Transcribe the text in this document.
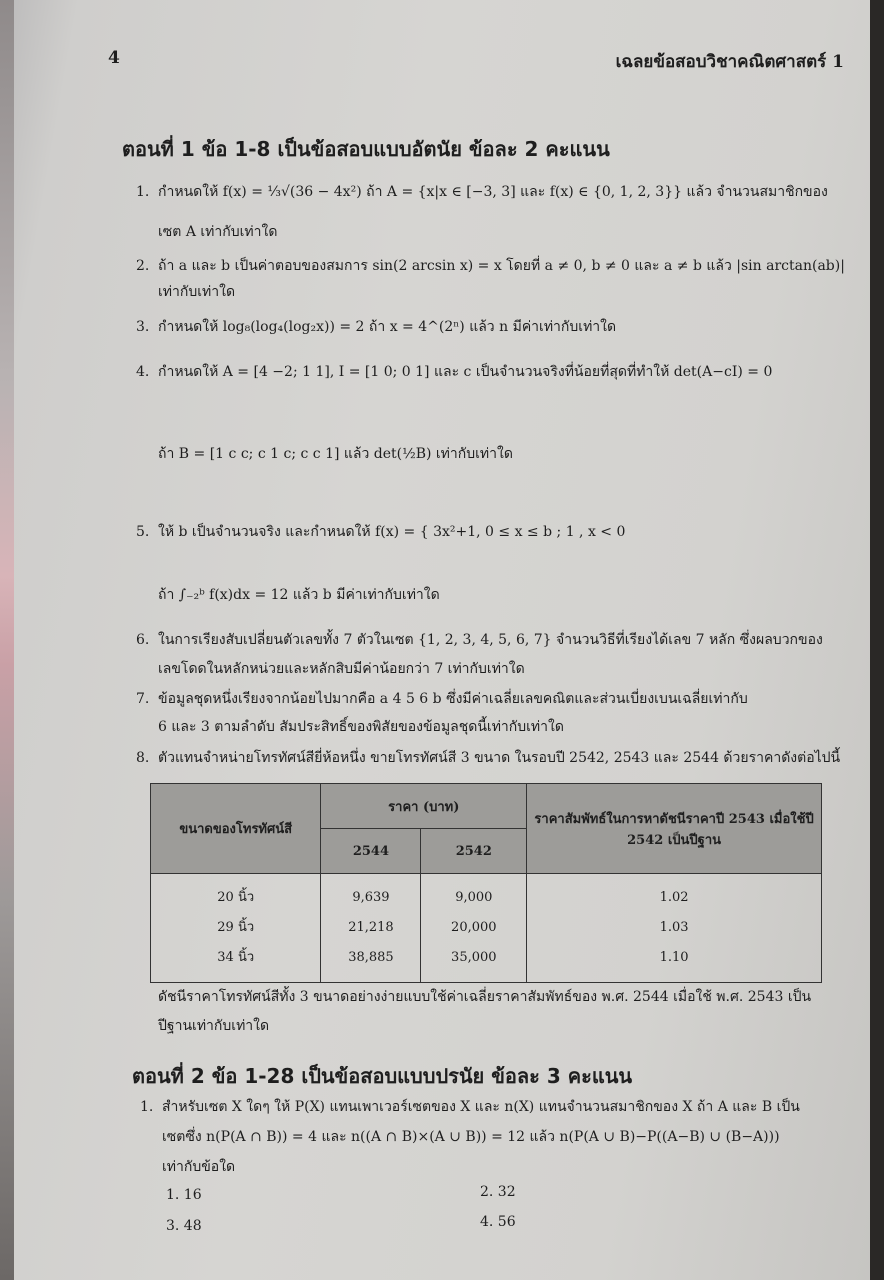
4	เฉลยข้อสอบวิชาคณิตศาสตร์ 1
ตอนที่ 1 ข้อ 1-8 เป็นข้อสอบแบบอัตนัย ข้อละ 2 คะแนน
1. กำหนดให้ f(x) = ⅓√(36 − 4x²) ถ้า A = {x|x ∈ [−3, 3] และ f(x) ∈ {0, 1, 2, 3}} แล้ว จำนวนสมาชิกของ
เซต A เท่ากับเท่าใด
2. ถ้า a และ b เป็นค่าตอบของสมการ sin(2 arcsin x) = x โดยที่ a ≠ 0, b ≠ 0 และ a ≠ b แล้ว |sin arctan(ab)|
เท่ากับเท่าใด
3. กำหนดให้ log₈(log₄(log₂x)) = 2 ถ้า x = 4^(2ⁿ) แล้ว n มีค่าเท่ากับเท่าใด
4. กำหนดให้ A = [4 −2; 1 1], I = [1 0; 0 1] และ c เป็นจำนวนจริงที่น้อยที่สุดที่ทำให้ det(A−cI) = 0
ถ้า B = [1 c c; c 1 c; c c 1] แล้ว det(½B) เท่ากับเท่าใด
5. ให้ b เป็นจำนวนจริง และกำหนดให้ f(x) = { 3x²+1, 0 ≤ x ≤ b ; 1 , x < 0
ถ้า ∫₋₂ᵇ f(x)dx = 12 แล้ว b มีค่าเท่ากับเท่าใด
6. ในการเรียงสับเปลี่ยนตัวเลขทั้ง 7 ตัวในเซต {1, 2, 3, 4, 5, 6, 7} จำนวนวิธีที่เรียงได้เลข 7 หลัก ซึ่งผลบวกของ
เลขโดดในหลักหน่วยและหลักสิบมีค่าน้อยกว่า 7 เท่ากับเท่าใด
7. ข้อมูลชุดหนึ่งเรียงจากน้อยไปมากคือ a 4 5 6 b ซึ่งมีค่าเฉลี่ยเลขคณิตและส่วนเบี่ยงเบนเฉลี่ยเท่ากับ
6 และ 3 ตามลำดับ สัมประสิทธิ์ของพิสัยของข้อมูลชุดนี้เท่ากับเท่าใด
8. ตัวแทนจำหน่ายโทรทัศน์สียี่ห้อหนึ่ง ขายโทรทัศน์สี 3 ขนาด ในรอบปี 2542, 2543 และ 2544 ด้วยราคาดังต่อไปนี้
ขนาดของโทรทัศน์สี	ราคา (บาท)		ราคาสัมพัทธ์ในการหาดัชนีราคาปี 2543 เมื่อใช้ปี 2542 เป็นปีฐาน
	2544	2542	
20 นิ้ว	9,639	9,000	1.02
29 นิ้ว	21,218	20,000	1.03
34 นิ้ว	38,885	35,000	1.10
ดัชนีราคาโทรทัศน์สีทั้ง 3 ขนาดอย่างง่ายแบบใช้ค่าเฉลี่ยราคาสัมพัทธ์ของ พ.ศ. 2544 เมื่อใช้ พ.ศ. 2543 เป็น
ปีฐานเท่ากับเท่าใด
ตอนที่ 2 ข้อ 1-28 เป็นข้อสอบแบบปรนัย ข้อละ 3 คะแนน
1. สำหรับเซต X ใดๆ ให้ P(X) แทนเพาเวอร์เซตของ X และ n(X) แทนจำนวนสมาชิกของ X ถ้า A และ B เป็น
เซตซึ่ง n(P(A ∩ B)) = 4 และ n((A ∩ B)×(A ∪ B)) = 12 แล้ว n(P(A ∪ B)−P((A−B) ∪ (B−A)))
เท่ากับข้อใด
1. 16	2. 32
3. 48	4. 56
